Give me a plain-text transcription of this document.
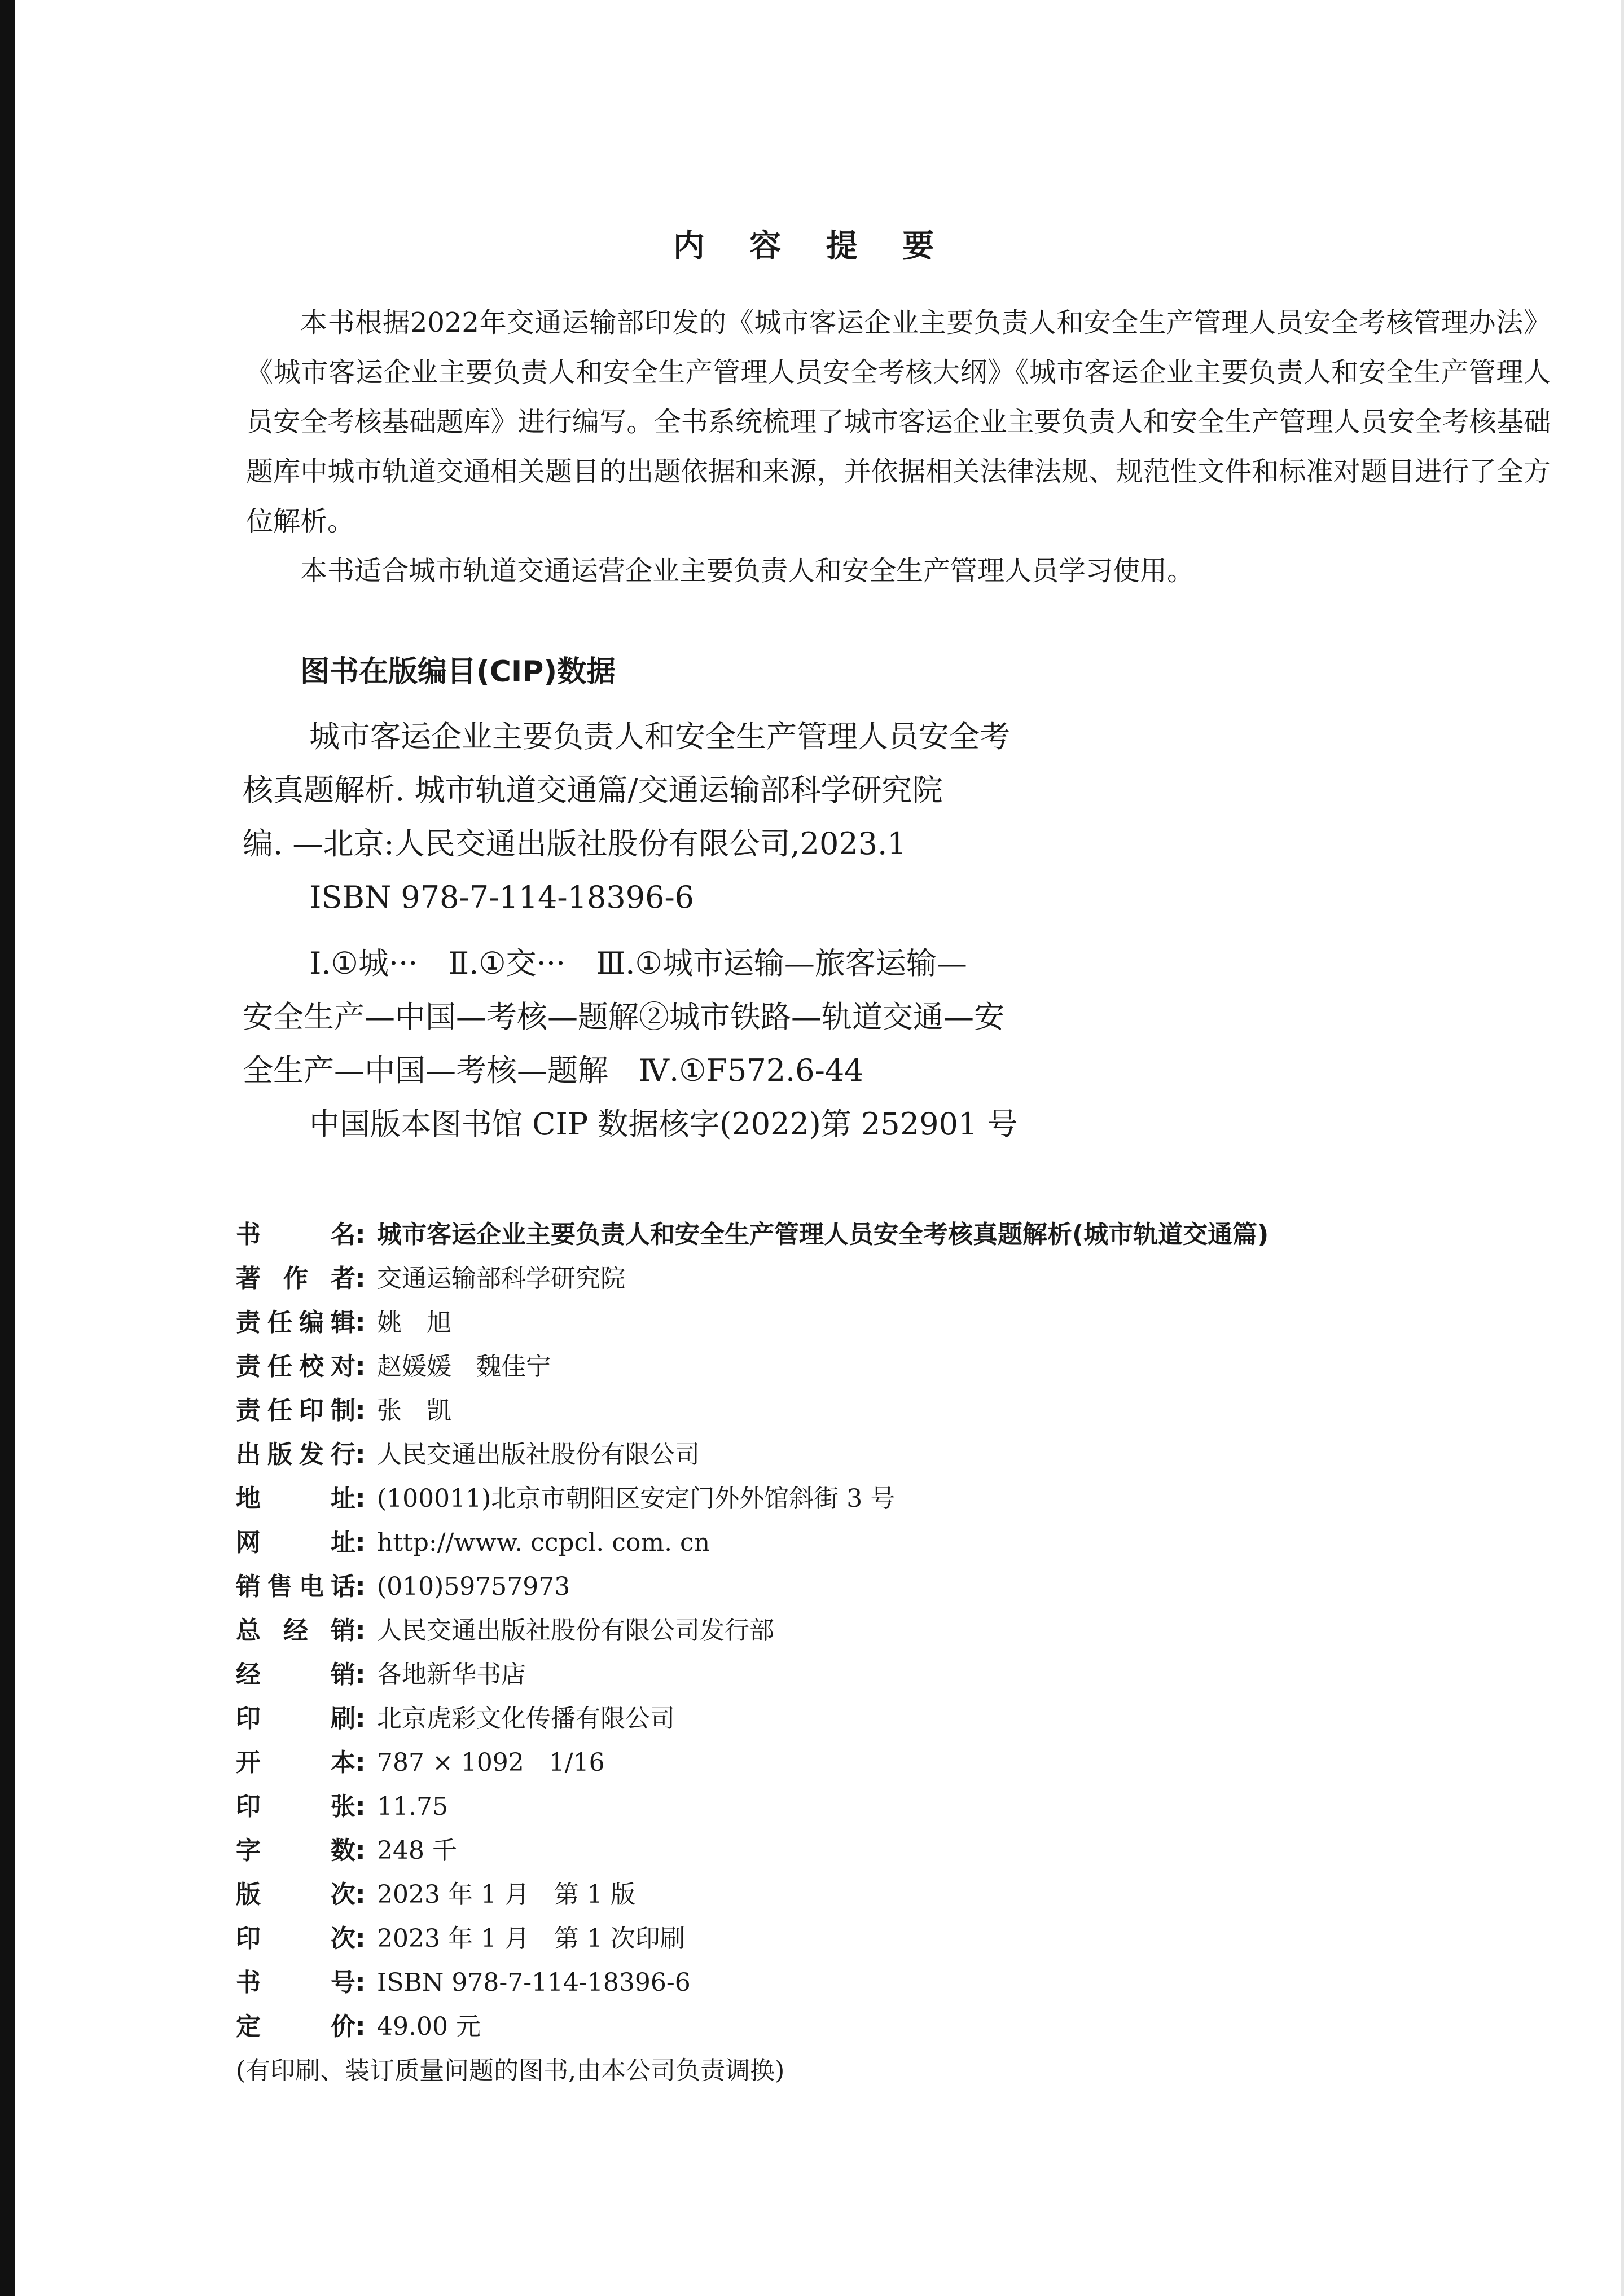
内 容 提 要

本书根据2022年交通运输部印发的《城市客运企业主要负责人和安全生产管理人员安全考核管理办法》《城市客运企业主要负责人和安全生产管理人员安全考核大纲》《城市客运企业主要负责人和安全生产管理人员安全考核基础题库》进行编写。全书系统梳理了城市客运企业主要负责人和安全生产管理人员安全考核基础题库中城市轨道交通相关题目的出题依据和来源，并依据相关法律法规、规范性文件和标准对题目进行了全方位解析。

本书适合城市轨道交通运营企业主要负责人和安全生产管理人员学习使用。

图书在版编目(CIP)数据

城市客运企业主要负责人和安全生产管理人员安全考

核真题解析. 城市轨道交通篇/交通运输部科学研究院

编. —北京:人民交通出版社股份有限公司,2023.1

ISBN 978-7-114-18396-6

Ⅰ.①城···　Ⅱ.①交···　Ⅲ.①城市运输—旅客运输—

安全生产—中国—考核—题解②城市铁路—轨道交通—安

全生产—中国—考核—题解　Ⅳ.①F572.6-44

中国版本图书馆 CIP 数据核字(2022)第 252901 号

书	名 : 城市客运企业主要负责人和安全生产管理人员安全考核真题解析(城市轨道交通篇)
著 作 者 : 交通运输部科学研究院
责 任 编 辑 : 姚　旭
责 任 校 对 : 赵媛媛　魏佳宁
责 任 印 制 : 张　凯
出 版 发 行 : 人民交通出版社股份有限公司
地	址 : (100011)北京市朝阳区安定门外外馆斜街 3 号
网	址 : http://www. ccpcl. com. cn
销 售 电 话 : (010)59757973
总 经 销 : 人民交通出版社股份有限公司发行部
经	销 : 各地新华书店
印	刷 : 北京虎彩文化传播有限公司
开	本 : 787 × 1092　1/16
印	张 : 11.75
字	数 : 248 千
版	次 : 2023 年 1 月　第 1 版
印	次 : 2023 年 1 月　第 1 次印刷
书	号 : ISBN 978-7-114-18396-6
定	价 : 49.00 元
(有印刷、装订质量问题的图书,由本公司负责调换)
